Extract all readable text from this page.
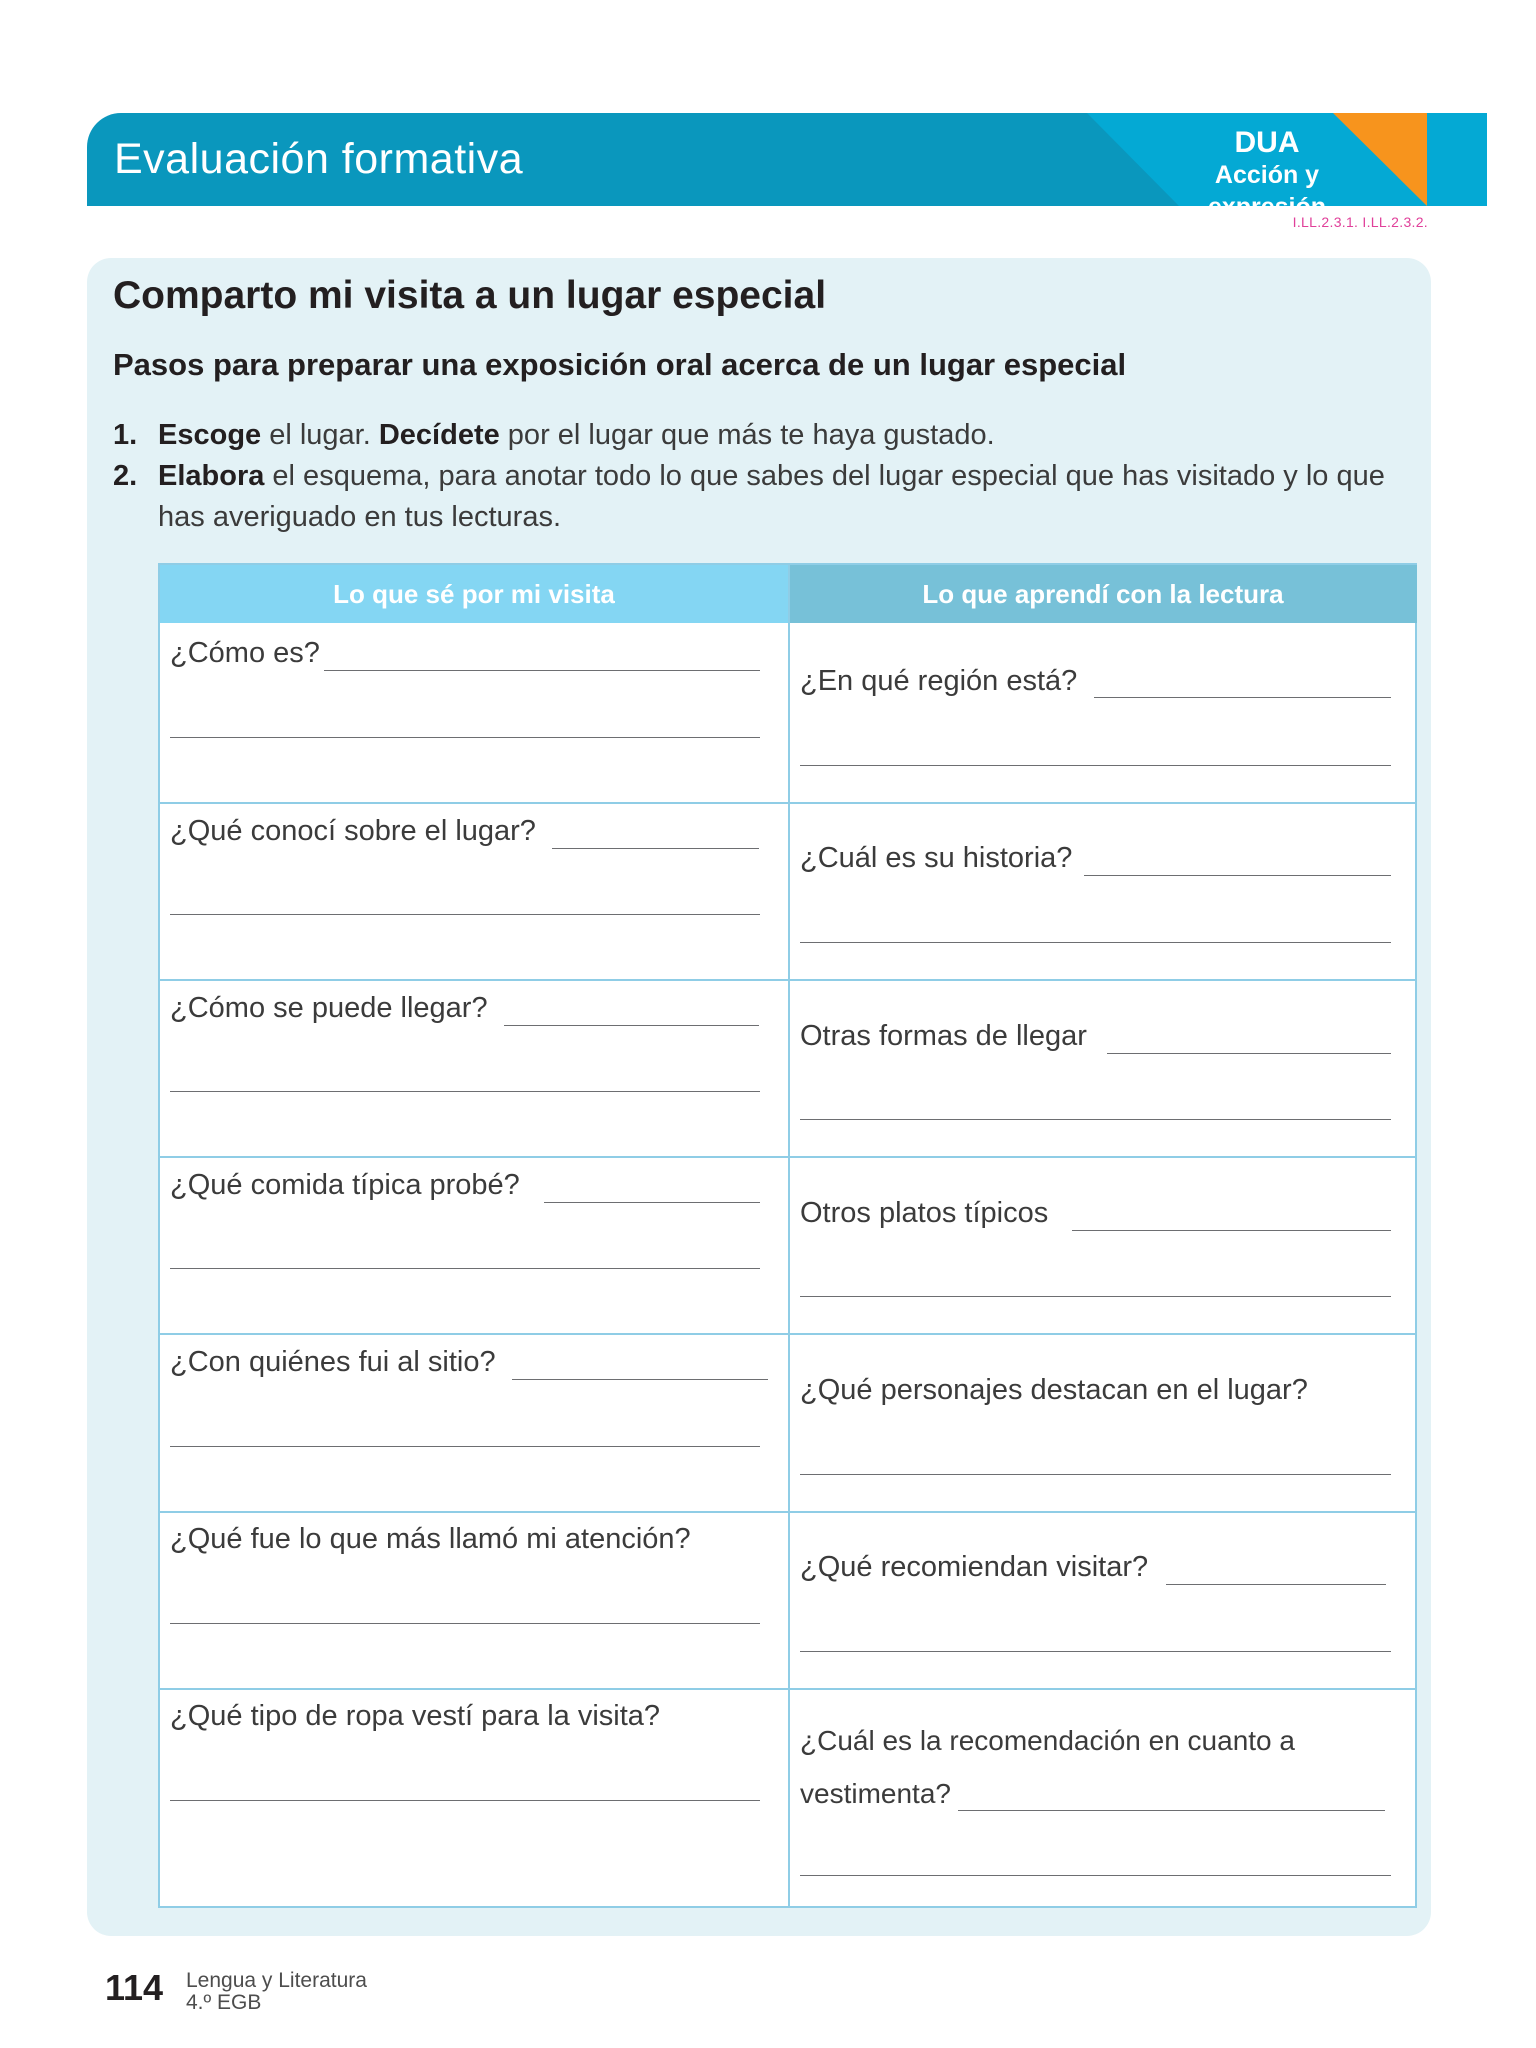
Evaluación formativa	DUA
Acción y expresión
I.LL.2.3.1. I.LL.2.3.2.
Comparto mi visita a un lugar especial
Pasos para preparar una exposición oral acerca de un lugar especial
1. Escoge el lugar. Decídete por el lugar que más te haya gustado.
2. Elabora el esquema, para anotar todo lo que sabes del lugar especial que has visitado y lo que has averiguado en tus lecturas.
Lo que sé por mi visita	Lo que aprendí con la lectura
¿Cómo es?
¿En qué región está?
¿Qué conocí sobre el lugar?
¿Cuál es su historia?
¿Cómo se puede llegar?
Otras formas de llegar
¿Qué comida típica probé?
Otros platos típicos
¿Con quiénes fui al sitio?
¿Qué personajes destacan en el lugar?
¿Qué fue lo que más llamó mi atención?
¿Qué recomiendan visitar?
¿Qué tipo de ropa vestí para la visita?
¿Cuál es la recomendación en cuanto a
vestimenta?
114 Lengua y Literatura
4.º EGB
